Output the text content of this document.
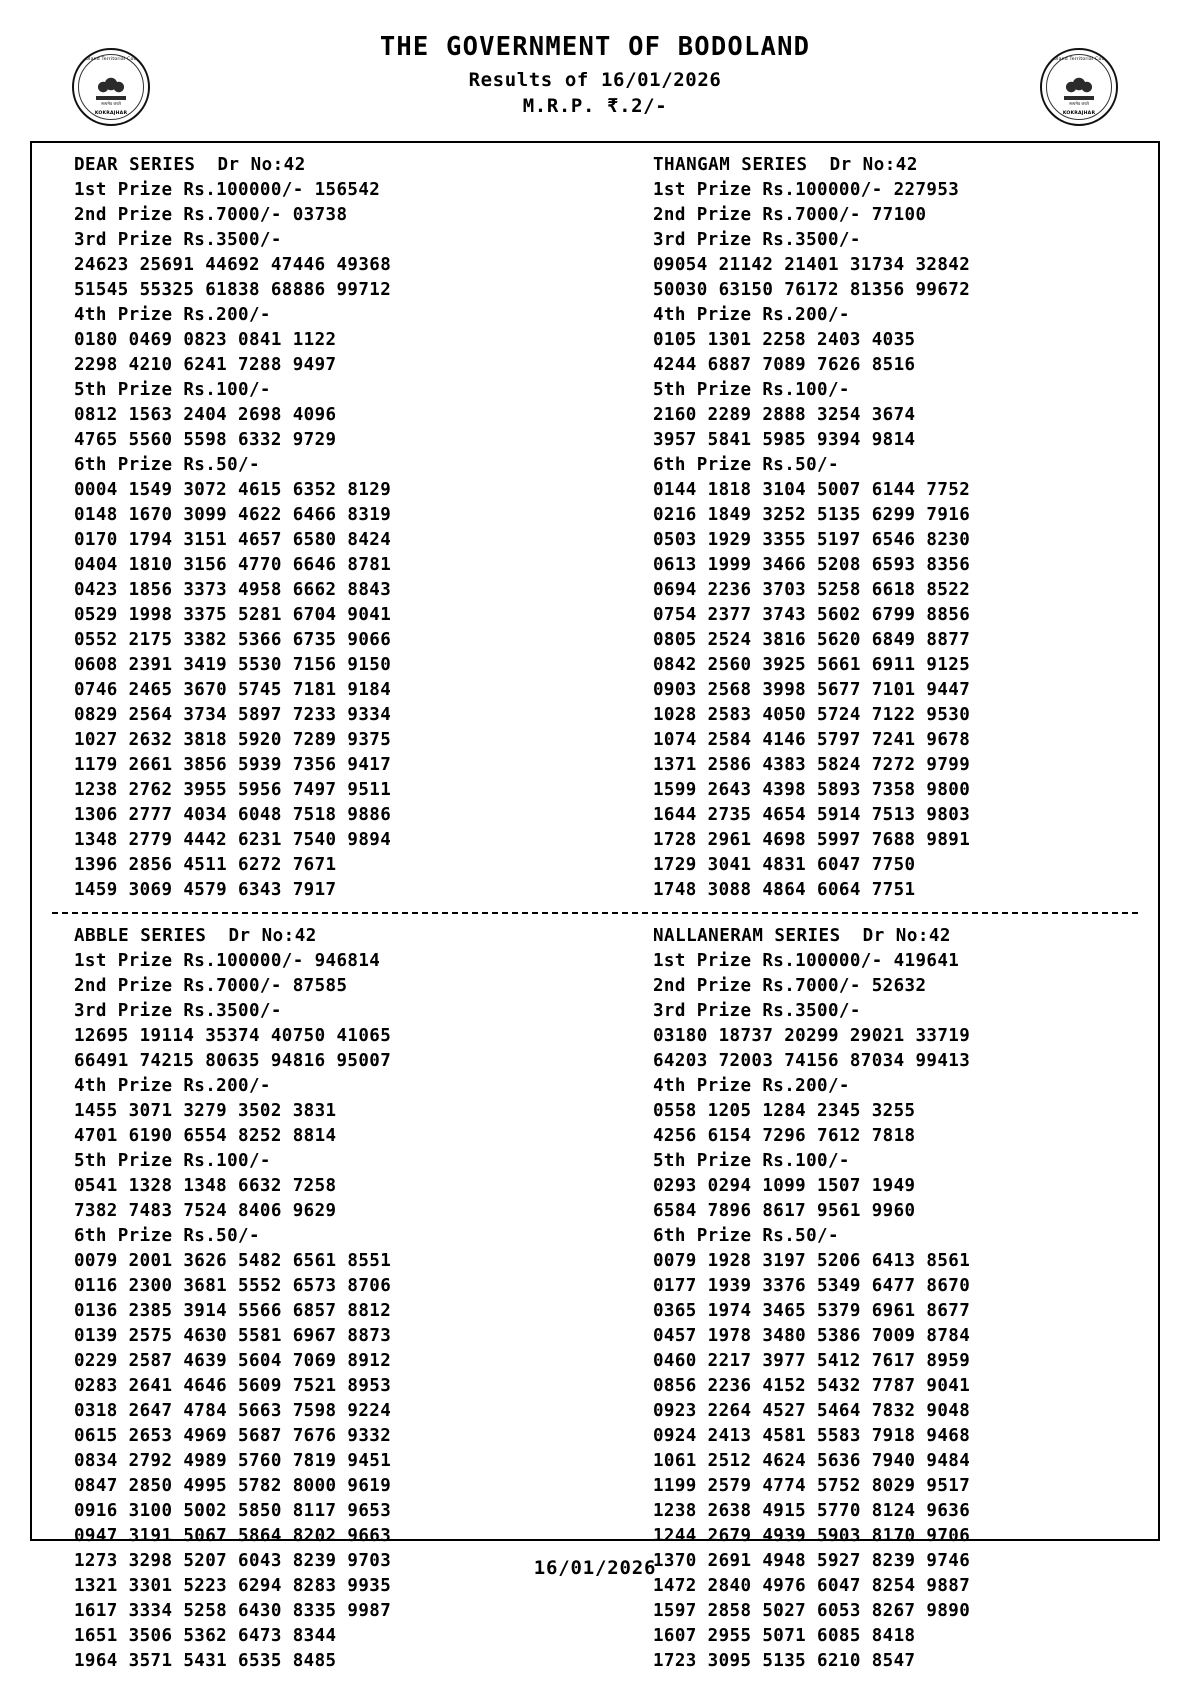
Bodoland Territorial Council
KOKRAJHAR
सत्यमेव जयते
Bodoland Territorial Council
KOKRAJHAR
सत्यमेव जयते
THE GOVERNMENT OF BODOLAND
Results of 16/01/2026
M.R.P. ₹.2/-
DEAR SERIES  Dr No:42
1st Prize Rs.100000/- 156542
2nd Prize Rs.7000/- 03738
3rd Prize Rs.3500/-
24623 25691 44692 47446 49368
51545 55325 61838 68886 99712
4th Prize Rs.200/-
0180 0469 0823 0841 1122
2298 4210 6241 7288 9497
5th Prize Rs.100/-
0812 1563 2404 2698 4096
4765 5560 5598 6332 9729
6th Prize Rs.50/-
0004 1549 3072 4615 6352 8129
0148 1670 3099 4622 6466 8319
0170 1794 3151 4657 6580 8424
0404 1810 3156 4770 6646 8781
0423 1856 3373 4958 6662 8843
0529 1998 3375 5281 6704 9041
0552 2175 3382 5366 6735 9066
0608 2391 3419 5530 7156 9150
0746 2465 3670 5745 7181 9184
0829 2564 3734 5897 7233 9334
1027 2632 3818 5920 7289 9375
1179 2661 3856 5939 7356 9417
1238 2762 3955 5956 7497 9511
1306 2777 4034 6048 7518 9886
1348 2779 4442 6231 7540 9894
1396 2856 4511 6272 7671
1459 3069 4579 6343 7917
THANGAM SERIES  Dr No:42
1st Prize Rs.100000/- 227953
2nd Prize Rs.7000/- 77100
3rd Prize Rs.3500/-
09054 21142 21401 31734 32842
50030 63150 76172 81356 99672
4th Prize Rs.200/-
0105 1301 2258 2403 4035
4244 6887 7089 7626 8516
5th Prize Rs.100/-
2160 2289 2888 3254 3674
3957 5841 5985 9394 9814
6th Prize Rs.50/-
0144 1818 3104 5007 6144 7752
0216 1849 3252 5135 6299 7916
0503 1929 3355 5197 6546 8230
0613 1999 3466 5208 6593 8356
0694 2236 3703 5258 6618 8522
0754 2377 3743 5602 6799 8856
0805 2524 3816 5620 6849 8877
0842 2560 3925 5661 6911 9125
0903 2568 3998 5677 7101 9447
1028 2583 4050 5724 7122 9530
1074 2584 4146 5797 7241 9678
1371 2586 4383 5824 7272 9799
1599 2643 4398 5893 7358 9800
1644 2735 4654 5914 7513 9803
1728 2961 4698 5997 7688 9891
1729 3041 4831 6047 7750
1748 3088 4864 6064 7751
ABBLE SERIES  Dr No:42
1st Prize Rs.100000/- 946814
2nd Prize Rs.7000/- 87585
3rd Prize Rs.3500/-
12695 19114 35374 40750 41065
66491 74215 80635 94816 95007
4th Prize Rs.200/-
1455 3071 3279 3502 3831
4701 6190 6554 8252 8814
5th Prize Rs.100/-
0541 1328 1348 6632 7258
7382 7483 7524 8406 9629
6th Prize Rs.50/-
0079 2001 3626 5482 6561 8551
0116 2300 3681 5552 6573 8706
0136 2385 3914 5566 6857 8812
0139 2575 4630 5581 6967 8873
0229 2587 4639 5604 7069 8912
0283 2641 4646 5609 7521 8953
0318 2647 4784 5663 7598 9224
0615 2653 4969 5687 7676 9332
0834 2792 4989 5760 7819 9451
0847 2850 4995 5782 8000 9619
0916 3100 5002 5850 8117 9653
0947 3191 5067 5864 8202 9663
1273 3298 5207 6043 8239 9703
1321 3301 5223 6294 8283 9935
1617 3334 5258 6430 8335 9987
1651 3506 5362 6473 8344
1964 3571 5431 6535 8485
NALLANERAM SERIES  Dr No:42
1st Prize Rs.100000/- 419641
2nd Prize Rs.7000/- 52632
3rd Prize Rs.3500/-
03180 18737 20299 29021 33719
64203 72003 74156 87034 99413
4th Prize Rs.200/-
0558 1205 1284 2345 3255
4256 6154 7296 7612 7818
5th Prize Rs.100/-
0293 0294 1099 1507 1949
6584 7896 8617 9561 9960
6th Prize Rs.50/-
0079 1928 3197 5206 6413 8561
0177 1939 3376 5349 6477 8670
0365 1974 3465 5379 6961 8677
0457 1978 3480 5386 7009 8784
0460 2217 3977 5412 7617 8959
0856 2236 4152 5432 7787 9041
0923 2264 4527 5464 7832 9048
0924 2413 4581 5583 7918 9468
1061 2512 4624 5636 7940 9484
1199 2579 4774 5752 8029 9517
1238 2638 4915 5770 8124 9636
1244 2679 4939 5903 8170 9706
1370 2691 4948 5927 8239 9746
1472 2840 4976 6047 8254 9887
1597 2858 5027 6053 8267 9890
1607 2955 5071 6085 8418
1723 3095 5135 6210 8547
16/01/2026
